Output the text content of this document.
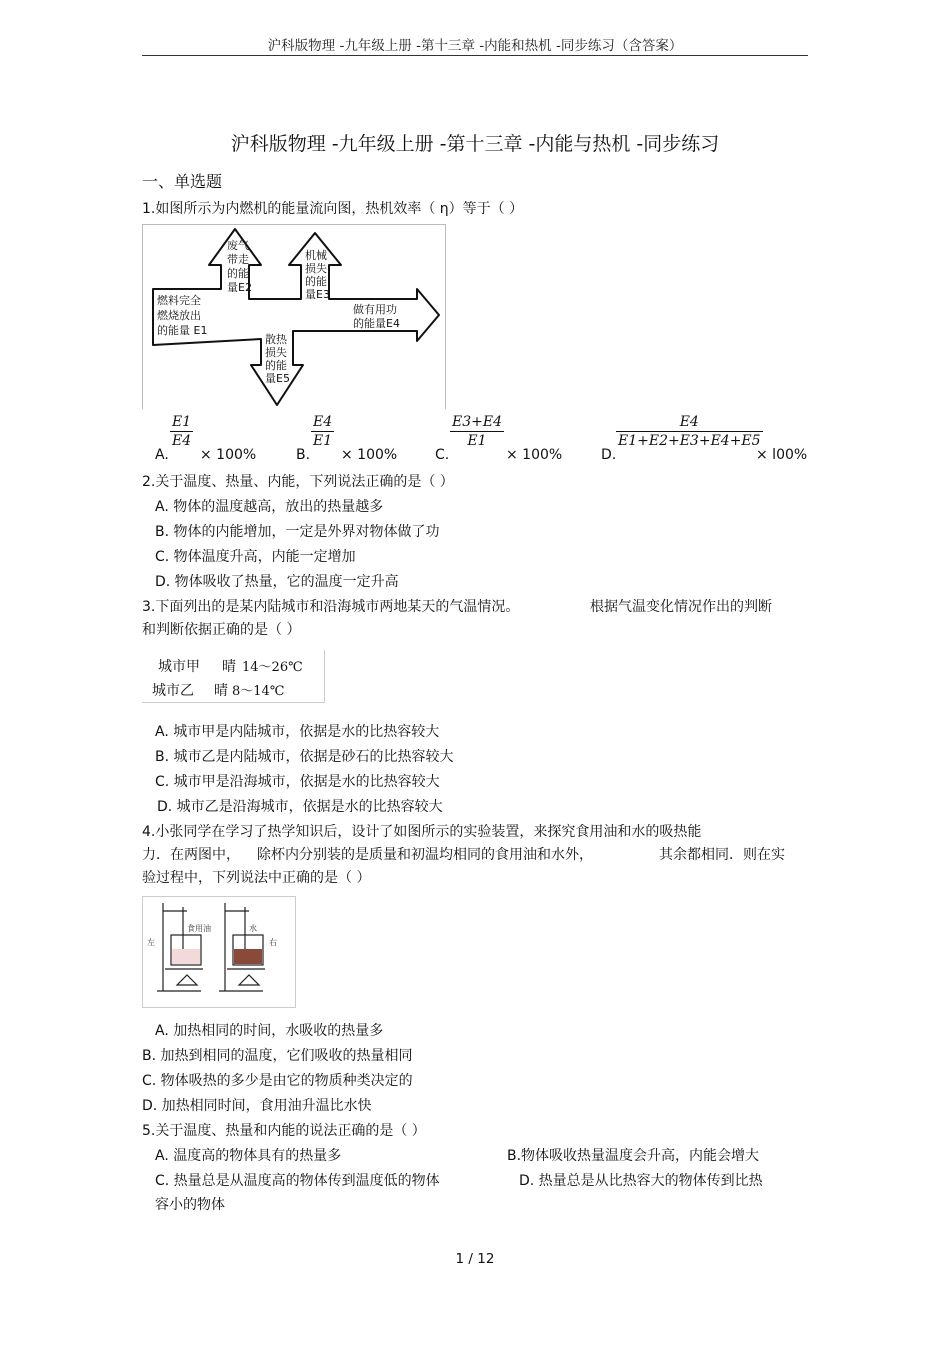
沪科版物理 -九年级上册 -第十三章 -内能和热机 -同步练习（含答案）
沪科版物理 -九年级上册 -第十三章 -内能与热机 -同步练习
一、单选题
1.如图所示为内燃机的能量流向图，热机效率（ η）等于（ ）
燃料完全
燃烧放出
的能量 E1
废气
带走
的能
量E2
机械
损失
的能
量E3
做有用功
的能量E4
散热
损失
的能
量E5
A.
$\frac{E1}{E4}$
× 100%	B.
$\frac{E4}{E1}$
× 100%	C.
$\frac{E3+E4}{E1}$
× 100%	D.
$\frac{E4}{E1+E2+E3+E4+E5}$
× l00%
2.关于温度、热量、内能，下列说法正确的是（ ）
A. 物体的温度越高，放出的热量越多
B. 物体的内能增加，一定是外界对物体做了功
C. 物体温度升高，内能一定增加
D. 物体吸收了热量，它的温度一定升高
3.下面列出的是某内陆城市和沿海城市两地某天的气温情况。	根据气温变化情况作出的判断
和判断依据正确的是（ ）
城市甲 晴 14～26℃
城市乙 晴 8～14℃
A. 城市甲是内陆城市，依据是水的比热容较大
B. 城市乙是内陆城市，依据是砂石的比热容较大
C. 城市甲是沿海城市，依据是水的比热容较大
D. 城市乙是沿海城市，依据是水的比热容较大
4.小张同学在学习了热学知识后，设计了如图所示的实验装置，来探究食用油和水的吸热能
力．在两图中， 除杯内分别装的是质量和初温均相同的食用油和水外，	其余都相同．则在实
验过程中，下列说法中正确的是（ ）
左
食用油	水
右
A. 加热相同的时间，水吸收的热量多
B. 加热到相同的温度，它们吸收的热量相同
C. 物体吸热的多少是由它的物质种类决定的
D. 加热相同时间，食用油升温比水快
5.关于温度、热量和内能的说法正确的是（ ）
A. 温度高的物体具有的热量多	B.物体吸收热量温度会升高，内能会增大
C. 热量总是从温度高的物体传到温度低的物体	D. 热量总是从比热容大的物体传到比热
容小的物体
1 / 12
